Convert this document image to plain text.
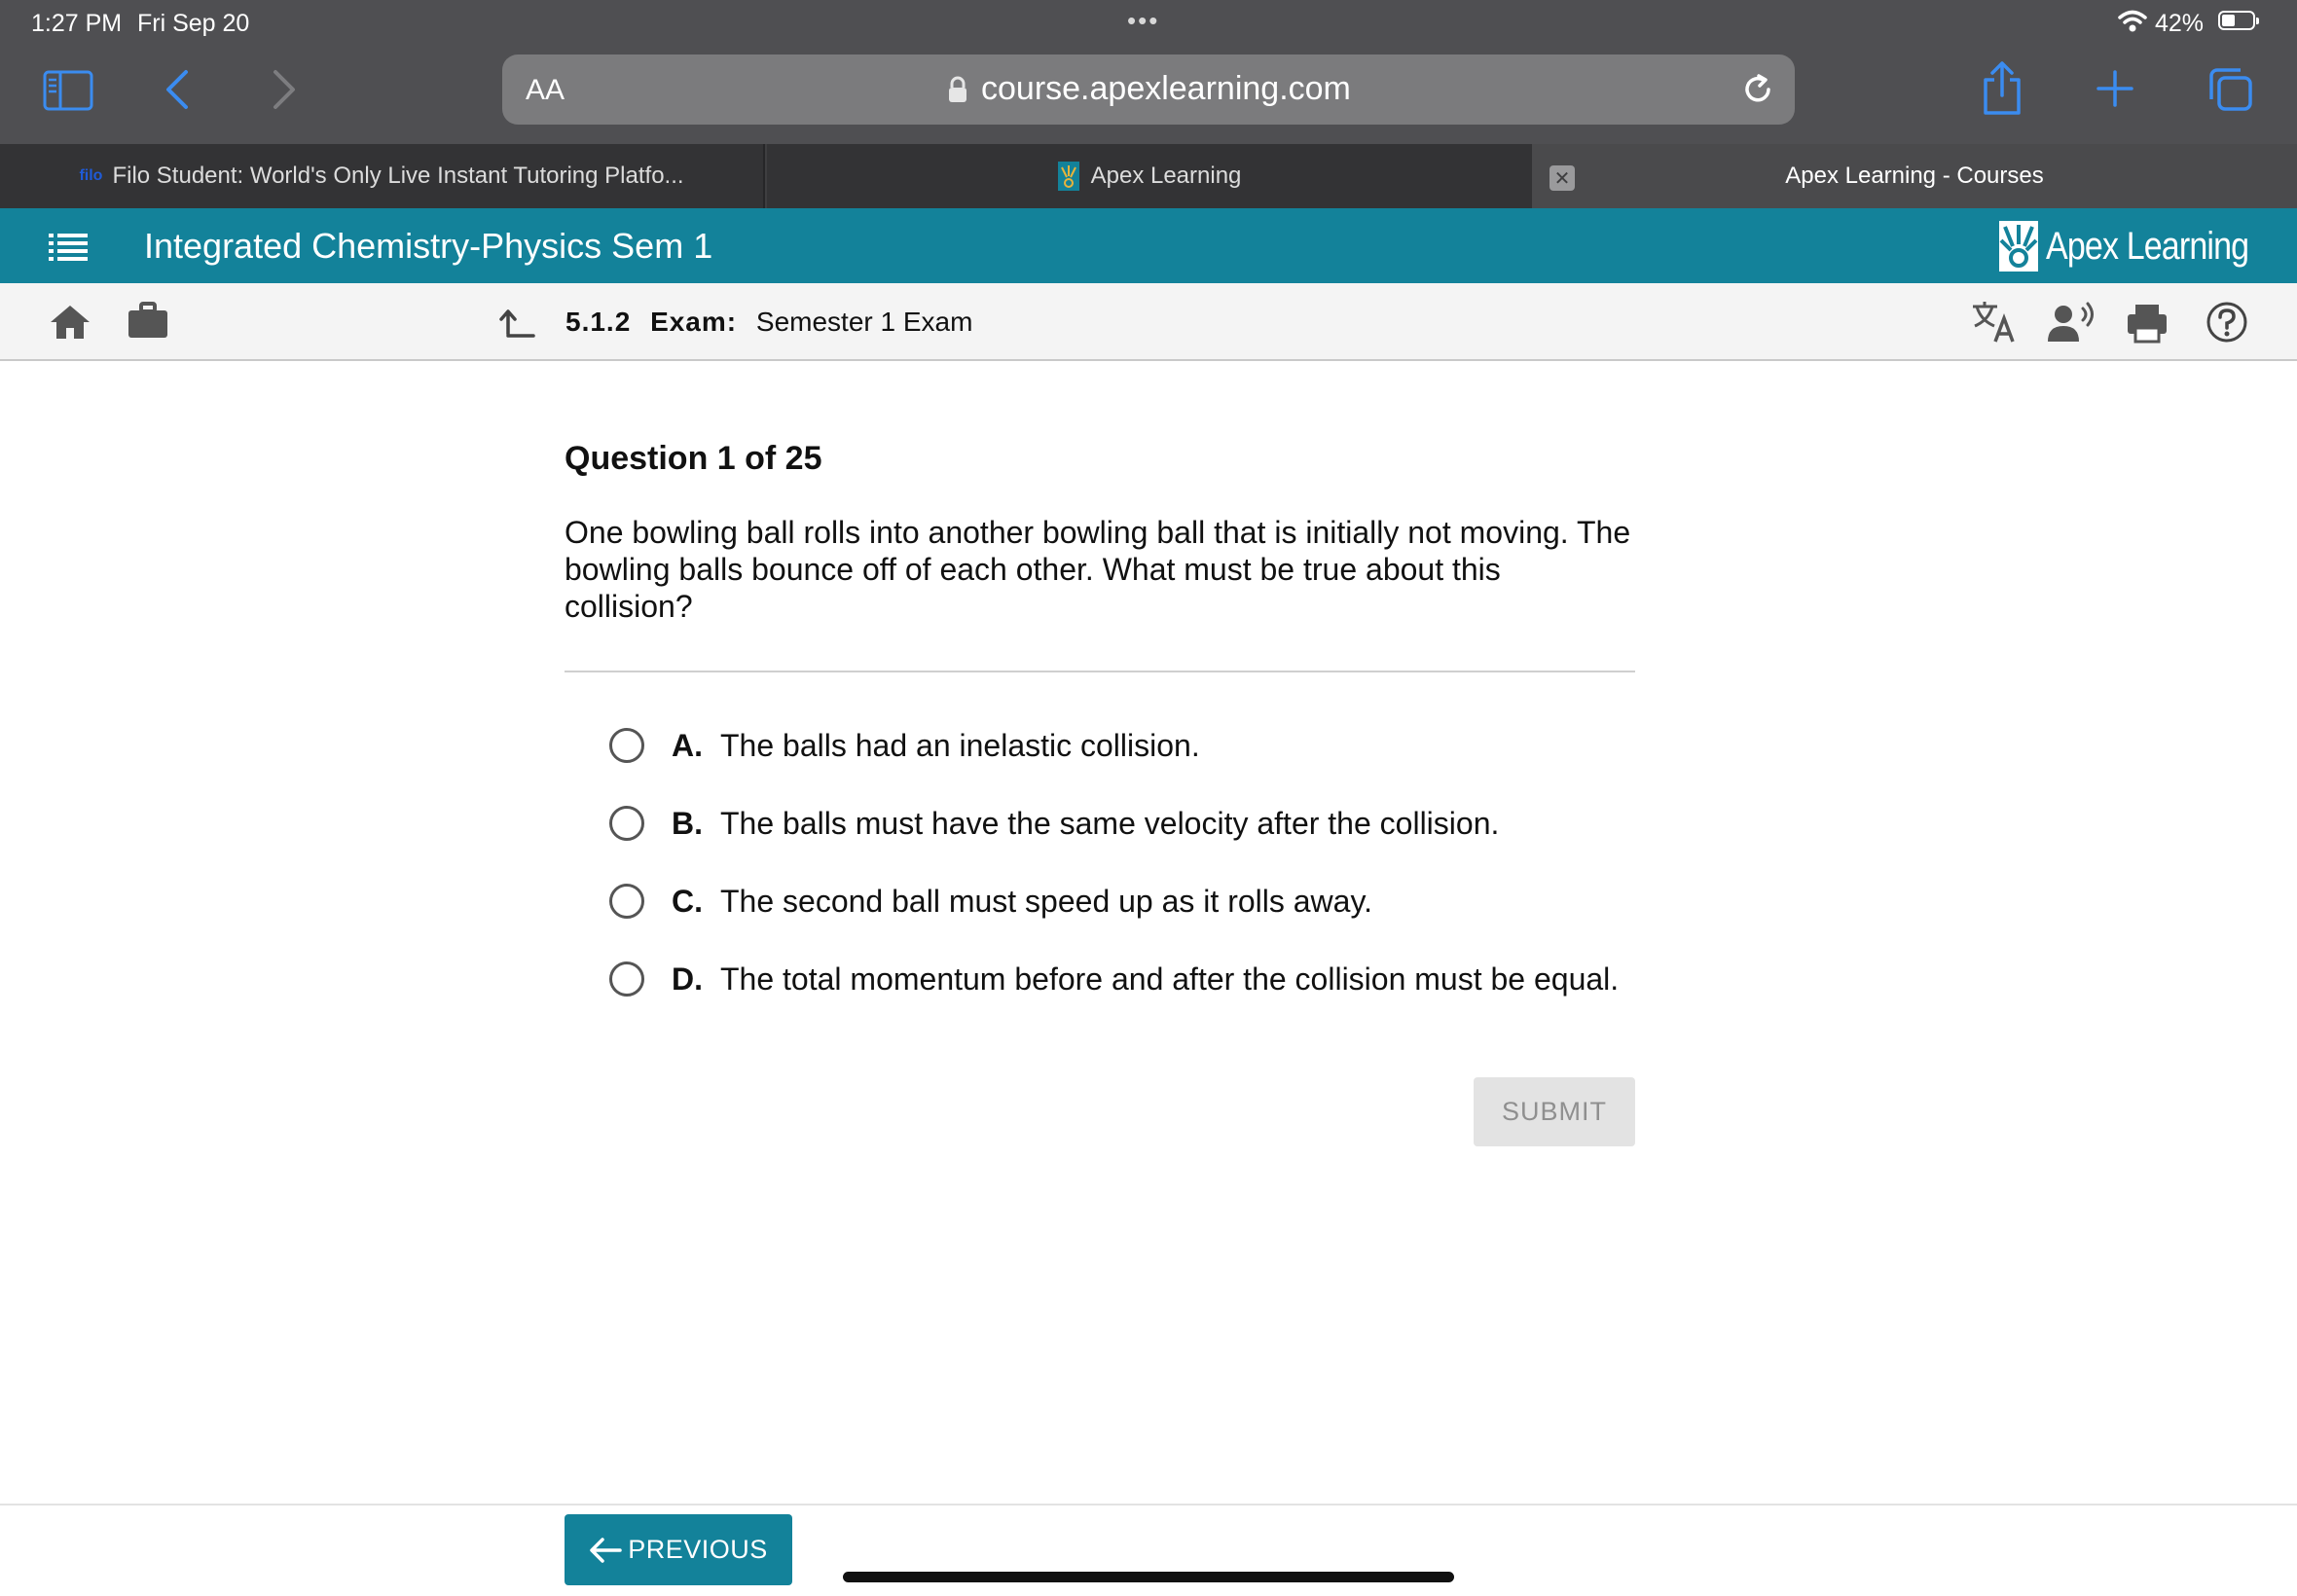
1:27 PM Fri Sep 20	•••	42%
AA	course.apexlearning.com
filo Filo Student: World's Only Live Instant Tutoring Platfo...	Apex Learning	Apex Learning - Courses
✕
Integrated Chemistry-Physics Sem 1	Apex Learning
5.1.2 Exam: Semester 1 Exam
Question 1 of 25
One bowling ball rolls into another bowling ball that is initially not moving. The bowling balls bounce off of each other. What must be true about this collision?
A. The balls had an inelastic collision.
B. The balls must have the same velocity after the collision.
C. The second ball must speed up as it rolls away.
D. The total momentum before and after the collision must be equal.
SUBMIT
PREVIOUS
